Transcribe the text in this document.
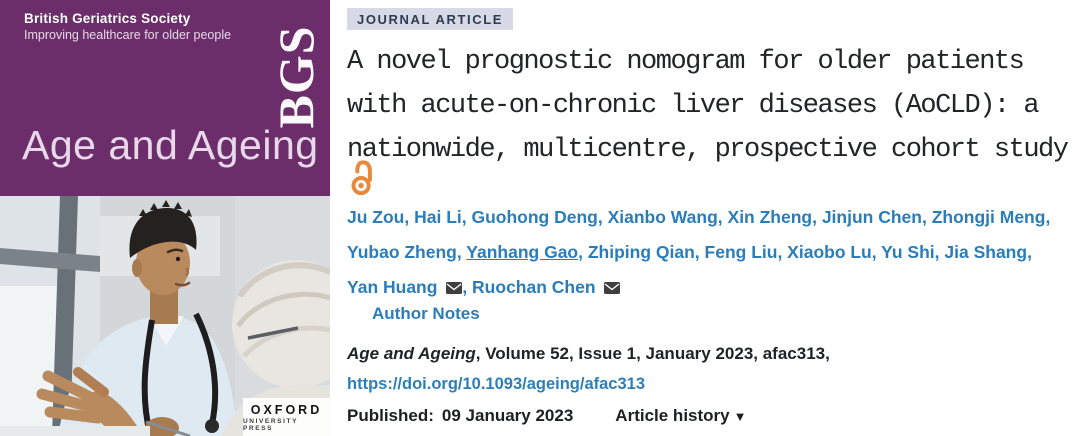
British Geriatrics Society
Improving healthcare for older people BGS
Age and Ageing
OXFORD
UNIVERSITY PRESS
JOURNAL ARTICLE
A novel prognostic nomogram for older patients
with acute-on-chronic liver diseases (AoCLD): a
nationwide, multicentre, prospective cohort study
Ju Zou, Hai Li, Guohong Deng, Xianbo Wang, Xin Zheng, Jinjun Chen, Zhongji Meng,
Yubao Zheng, Yanhang Gao, Zhiping Qian, Feng Liu, Xiaobo Lu, Yu Shi, Jia Shang,
Yan Huang , Ruochan Chen
Author Notes
Age and Ageing, Volume 52, Issue 1, January 2023, afac313,
https://doi.org/10.1093/ageing/afac313
Published: 09 January 2023 Article history ▼
